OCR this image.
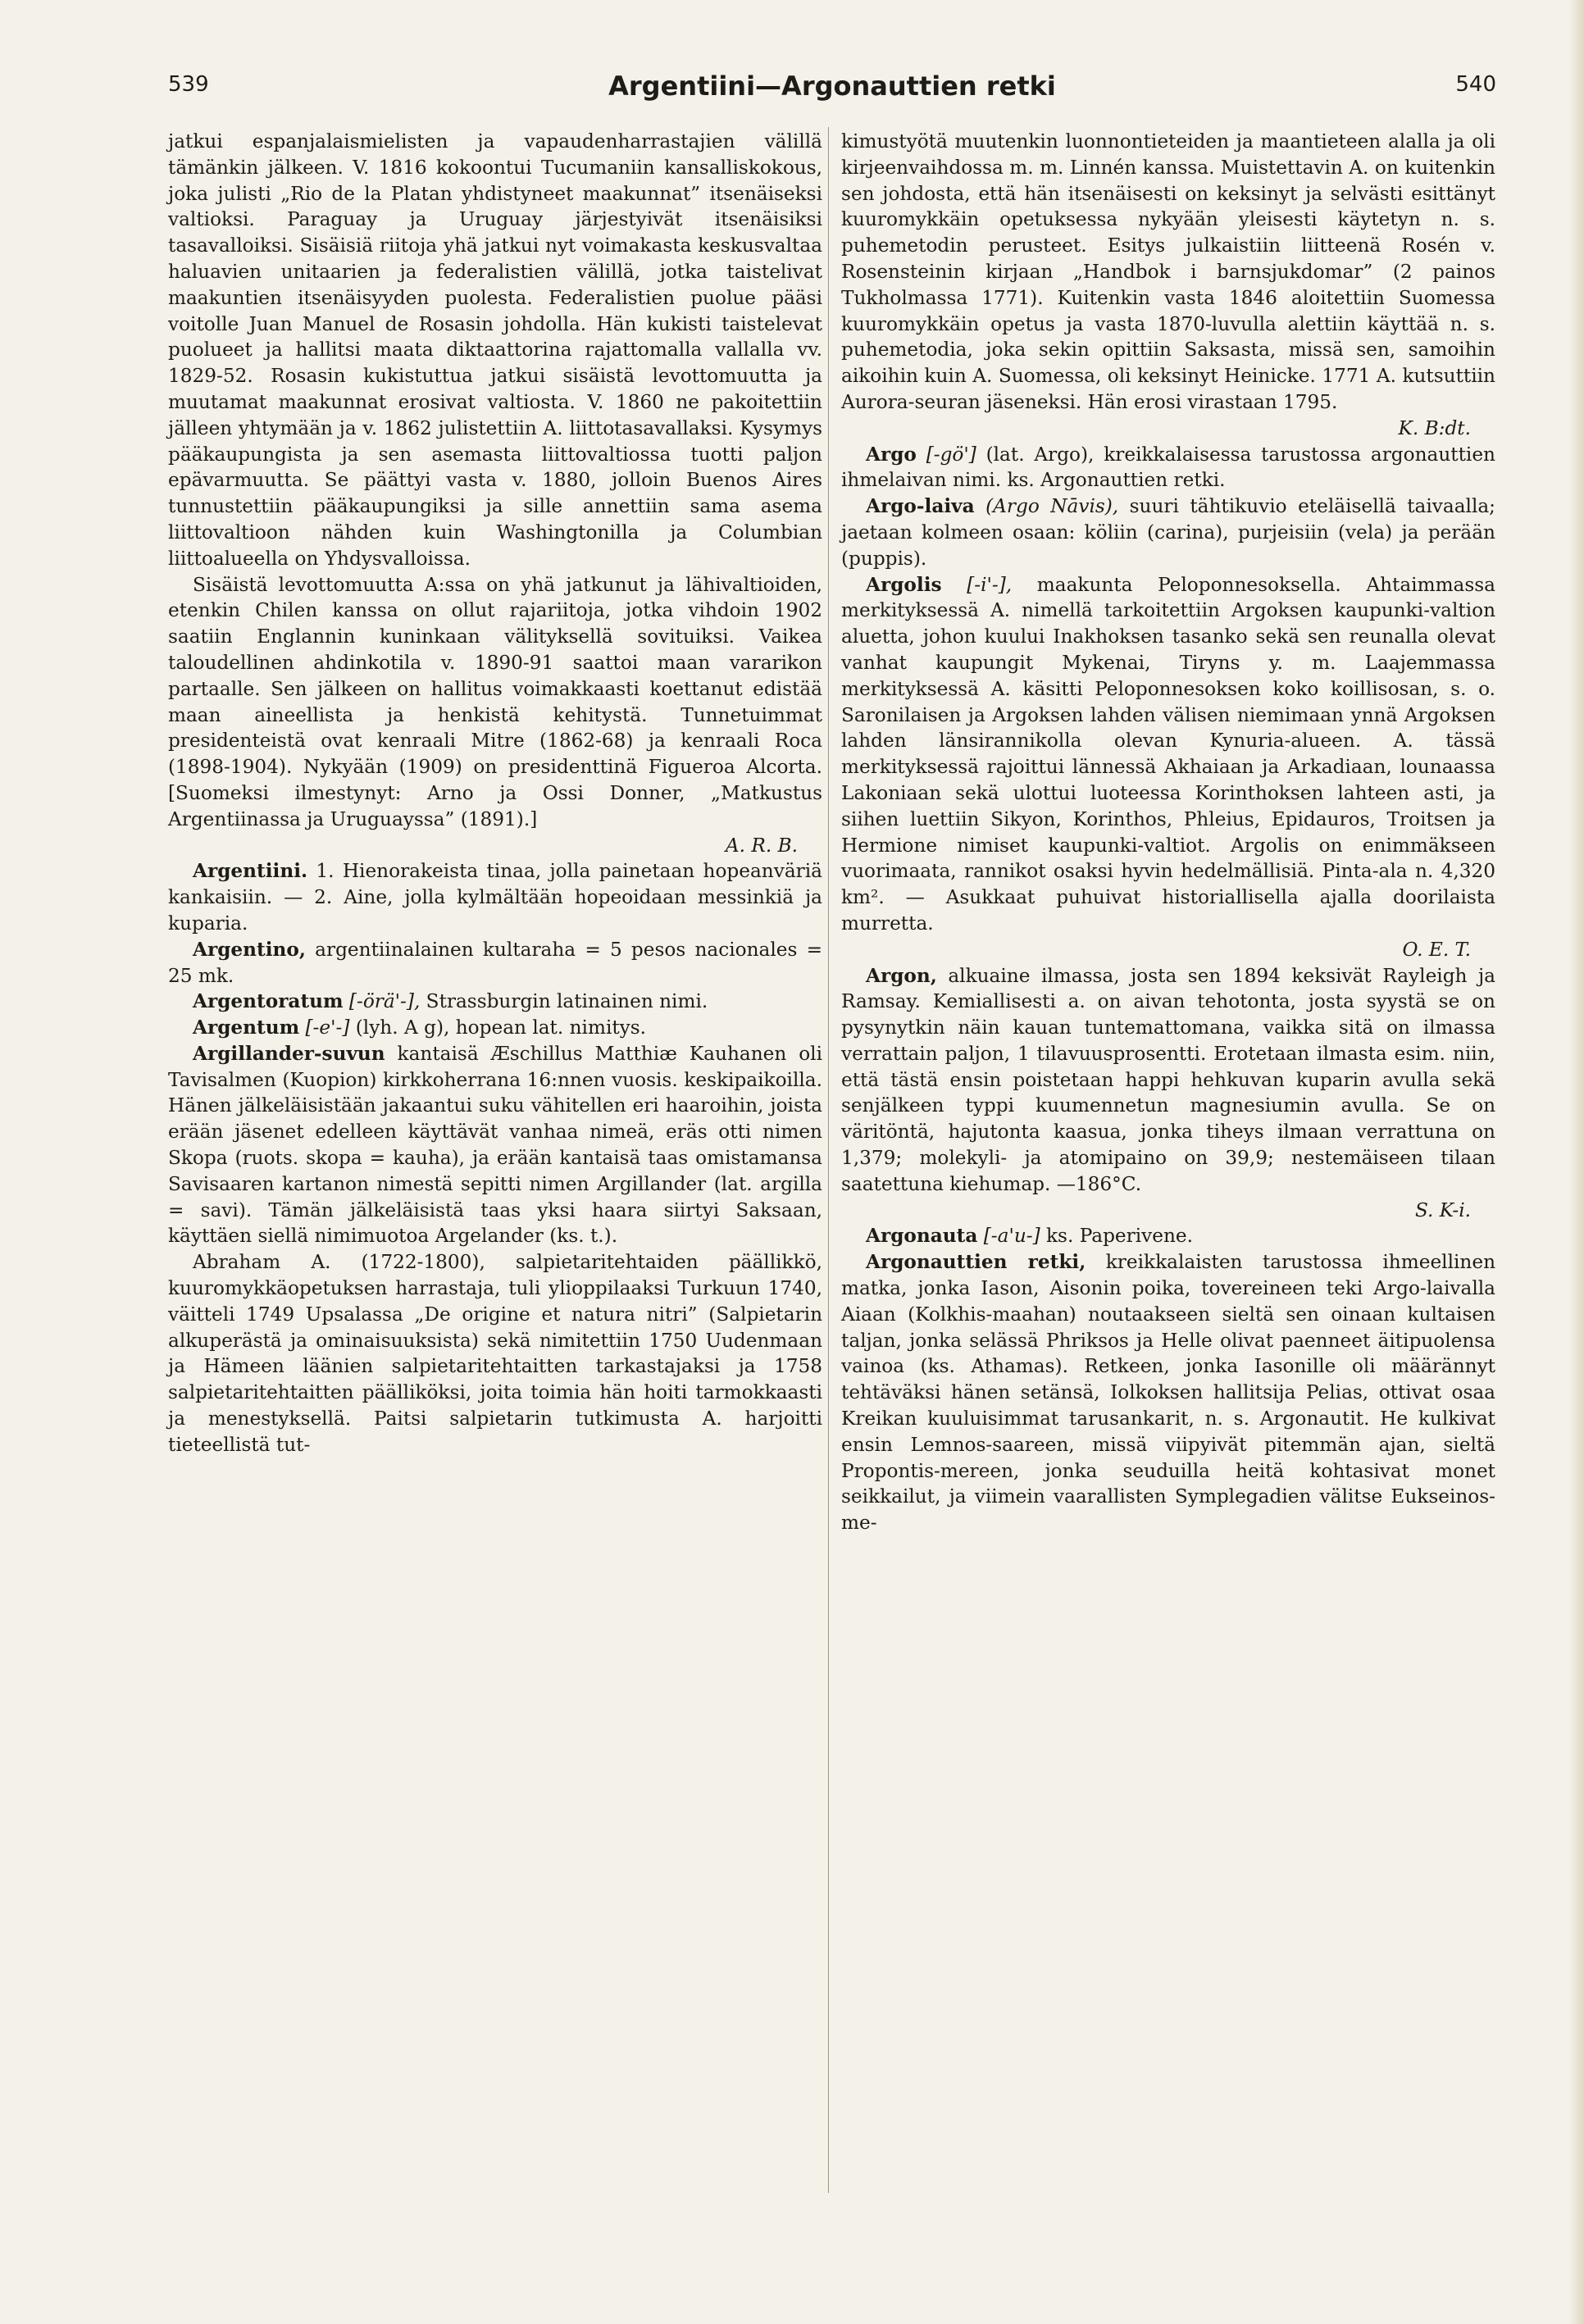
539	Argentiini—Argonauttien retki	540

jatkui espanjalaismielisten ja vapaudenharrastajien välillä tämänkin jälkeen. V. 1816 kokoontui Tucumaniin kansalliskokous, joka julisti „Rio de la Platan yhdistyneet maakunnat” itsenäiseksi valtioksi. Paraguay ja Uruguay järjestyivät itsenäisiksi tasavalloiksi. Sisäisiä riitoja yhä jatkui nyt voimakasta keskusvaltaa haluavien unitaarien ja federalistien välillä, jotka taistelivat maakuntien itsenäisyyden puolesta. Federalistien puolue pääsi voitolle Juan Manuel de Rosasin johdolla. Hän kukisti taistelevat puolueet ja hallitsi maata diktaattorina rajattomalla vallalla vv. 1829-52. Rosasin kukistuttua jatkui sisäistä levottomuutta ja muutamat maakunnat erosivat valtiosta. V. 1860 ne pakoitettiin jälleen yhtymään ja v. 1862 julistettiin A. liittotasavallaksi. Kysymys pääkaupungista ja sen asemasta liittovaltiossa tuotti paljon epävarmuutta. Se päättyi vasta v. 1880, jolloin Buenos Aires tunnustettiin pääkaupungiksi ja sille annettiin sama asema liittovaltioon nähden kuin Washingtonilla ja Columbian liittoalueella on Yhdysvalloissa.

Sisäistä levottomuutta A:ssa on yhä jatkunut ja lähivaltioiden, etenkin Chilen kanssa on ollut rajariitoja, jotka vihdoin 1902 saatiin Englannin kuninkaan välityksellä sovituiksi. Vaikea taloudellinen ahdinkotila v. 1890-91 saattoi maan vararikon partaalle. Sen jälkeen on hallitus voimakkaasti koettanut edistää maan aineellista ja henkistä kehitystä. Tunnetuimmat presidenteistä ovat kenraali Mitre (1862-68) ja kenraali Roca (1898-1904). Nykyään (1909) on presidenttinä Figueroa Alcorta. [Suomeksi ilmestynyt: Arno ja Ossi Donner, „Matkustus Argentiinassa ja Uruguayssa” (1891).]

A. R. B.

Argentiini. 1. Hienorakeista tinaa, jolla painetaan hopeanväriä kankaisiin. — 2. Aine, jolla kylmältään hopeoidaan messinkiä ja kuparia.

Argentino, argentiinalainen kultaraha = 5 pesos nacionales = 25 mk.

Argentoratum [-örä'-], Strassburgin latinainen nimi.

Argentum [-e'-] (lyh. A g), hopean lat. nimitys.

Argillander-suvun kantaisä Æschillus Matthiæ Kauhanen oli Tavisalmen (Kuopion) kirkkoherrana 16:nnen vuosis. keskipaikoilla. Hänen jälkeläisistään jakaantui suku vähitellen eri haaroihin, joista erään jäsenet edelleen käyttävät vanhaa nimeä, eräs otti nimen Skopa (ruots. skopa = kauha), ja erään kantaisä taas omistamansa Savisaaren kartanon nimestä sepitti nimen Argillander (lat. argilla = savi). Tämän jälkeläisistä taas yksi haara siirtyi Saksaan, käyttäen siellä nimimuotoa Argelander (ks. t.).

Abraham A. (1722-1800), salpietaritehtaiden päällikkö, kuuromykkäopetuksen harrastaja, tuli ylioppilaaksi Turkuun 1740, väitteli 1749 Upsalassa „De origine et natura nitri” (Salpietarin alkuperästä ja ominaisuuksista) sekä nimitettiin 1750 Uudenmaan ja Hämeen läänien salpietaritehtaitten tarkastajaksi ja 1758 salpietaritehtaitten päälliköksi, joita toimia hän hoiti tarmokkaasti ja menestyksellä. Paitsi salpietarin tutkimusta A. harjoitti tieteellistä tut-

kimustyötä muutenkin luonnontieteiden ja maantieteen alalla ja oli kirjeenvaihdossa m. m. Linnén kanssa. Muistettavin A. on kuitenkin sen johdosta, että hän itsenäisesti on keksinyt ja selvästi esittänyt kuuromykkäin opetuksessa nykyään yleisesti käytetyn n. s. puhemetodin perusteet. Esitys julkaistiin liitteenä Rosén v. Rosensteinin kirjaan „Handbok i barnsjukdomar” (2 painos Tukholmassa 1771). Kuitenkin vasta 1846 aloitettiin Suomessa kuuromykkäin opetus ja vasta 1870-luvulla alettiin käyttää n. s. puhemetodia, joka sekin opittiin Saksasta, missä sen, samoihin aikoihin kuin A. Suomessa, oli keksinyt Heinicke. 1771 A. kutsuttiin Aurora-seuran jäseneksi. Hän erosi virastaan 1795.

K. B:dt.

Argo [-gö'] (lat. Argo), kreikkalaisessa tarustossa argonauttien ihmelaivan nimi. ks. Argonauttien retki.

Argo-laiva (Argo Nāvis), suuri tähtikuvio eteläisellä taivaalla; jaetaan kolmeen osaan: köliin (carina), purjeisiin (vela) ja perään (puppis).

Argolis [-i'-], maakunta Peloponnesoksella. Ahtaimmassa merkityksessä A. nimellä tarkoitettiin Argoksen kaupunki-valtion aluetta, johon kuului Inakhoksen tasanko sekä sen reunalla olevat vanhat kaupungit Mykenai, Tiryns y. m. Laajemmassa merkityksessä A. käsitti Peloponnesoksen koko koillisosan, s. o. Saronilaisen ja Argoksen lahden välisen niemimaan ynnä Argoksen lahden länsirannikolla olevan Kynuria-alueen. A. tässä merkityksessä rajoittui lännessä Akhaiaan ja Arkadiaan, lounaassa Lakoniaan sekä ulottui luoteessa Korinthoksen lahteen asti, ja siihen luettiin Sikyon, Korinthos, Phleius, Epidauros, Troitsen ja Hermione nimiset kaupunki-valtiot. Argolis on enimmäkseen vuorimaata, rannikot osaksi hyvin hedelmällisiä. Pinta-ala n. 4,320 km². — Asukkaat puhuivat historiallisella ajalla doorilaista murretta.

O. E. T.

Argon, alkuaine ilmassa, josta sen 1894 keksivät Rayleigh ja Ramsay. Kemiallisesti a. on aivan tehotonta, josta syystä se on pysynytkin näin kauan tuntemattomana, vaikka sitä on ilmassa verrattain paljon, 1 tilavuusprosentti. Erotetaan ilmasta esim. niin, että tästä ensin poistetaan happi hehkuvan kuparin avulla sekä senjälkeen typpi kuumennetun magnesiumin avulla. Se on väritöntä, hajutonta kaasua, jonka tiheys ilmaan verrattuna on 1,379; molekyli- ja atomipaino on 39,9; nestemäiseen tilaan saatettuna kiehumap. —186°C.

S. K-i.

Argonauta [-a'u-] ks. Paperivene.

Argonauttien retki, kreikkalaisten tarustossa ihmeellinen matka, jonka Iason, Aisonin poika, tovereineen teki Argo-laivalla Aiaan (Kolkhis-maahan) noutaakseen sieltä sen oinaan kultaisen taljan, jonka selässä Phriksos ja Helle olivat paenneet äitipuolensa vainoa (ks. Athamas). Retkeen, jonka Iasonille oli määrännyt tehtäväksi hänen setänsä, Iolkoksen hallitsija Pelias, ottivat osaa Kreikan kuuluisimmat tarusankarit, n. s. Argonautit. He kulkivat ensin Lemnos-saareen, missä viipyivät pitemmän ajan, sieltä Propontis-mereen, jonka seuduilla heitä kohtasivat monet seikkailut, ja viimein vaarallisten Symplegadien välitse Eukseinos-me-
